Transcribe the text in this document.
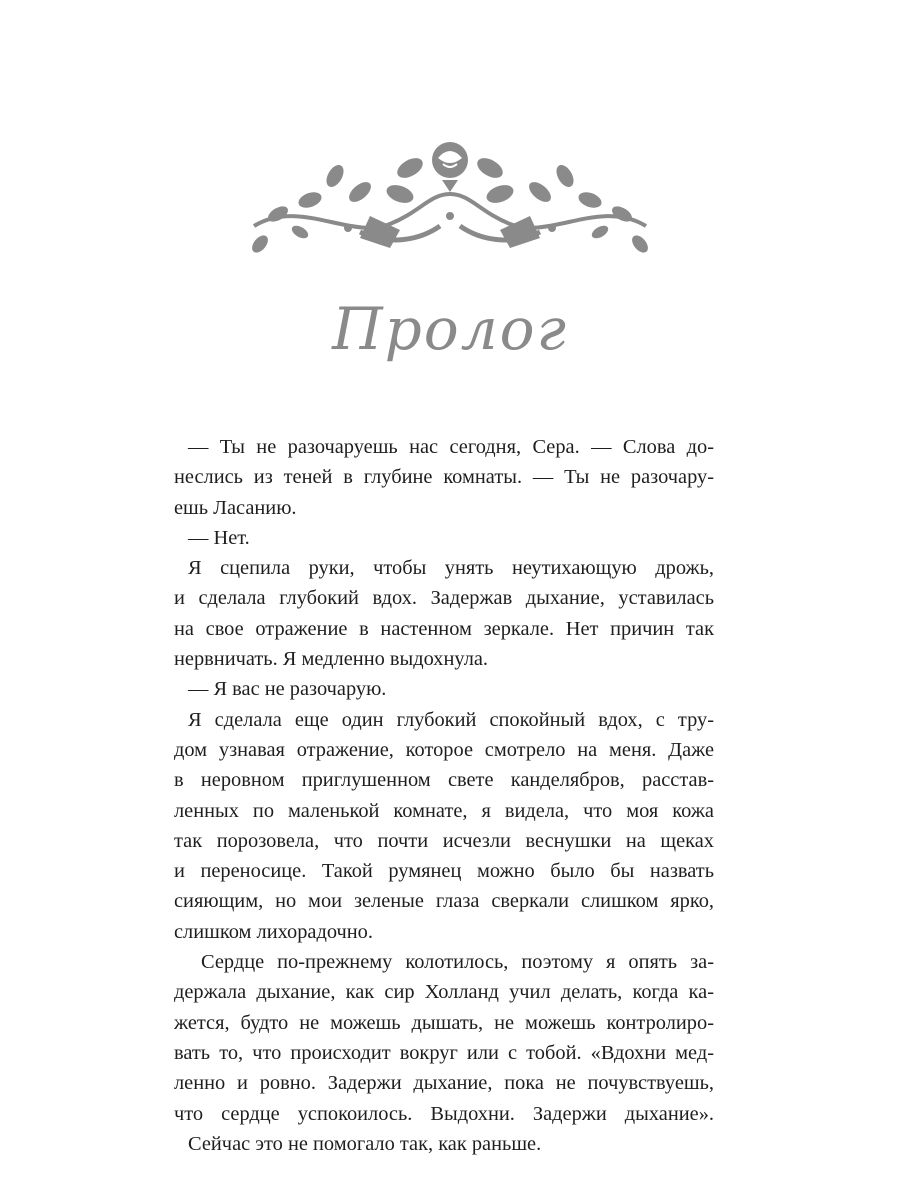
Пролог

— Ты не разочаруешь нас сегодня, Сера. — Слова до-

неслись из теней в глубине комнаты. — Ты не разочару-

ешь Ласанию.

— Нет.

Я сцепила руки, чтобы унять неутихающую дрожь,

и сделала глубокий вдох. Задержав дыхание, уставилась

на свое отражение в настенном зеркале. Нет причин так

нервничать. Я медленно выдохнула.

— Я вас не разочарую.

Я сделала еще один глубокий спокойный вдох, с тру-

дом узнавая отражение, которое смотрело на меня. Даже

в неровном приглушенном свете канделябров, расстав-

ленных по маленькой комнате, я видела, что моя кожа

так порозовела, что почти исчезли веснушки на щеках

и переносице. Такой румянец можно было бы назвать

сияющим, но мои зеленые глаза сверкали слишком ярко,

слишком лихорадочно.

Сердце по-прежнему колотилось, поэтому я опять за-

держала дыхание, как сир Холланд учил делать, когда ка-

жется, будто не можешь дышать, не можешь контролиро-

вать то, что происходит вокруг или с тобой. «Вдохни мед-

ленно и ровно. Задержи дыхание, пока не почувствуешь,

что сердце успокоилось. Выдохни. Задержи дыхание».

Сейчас это не помогало так, как раньше.
